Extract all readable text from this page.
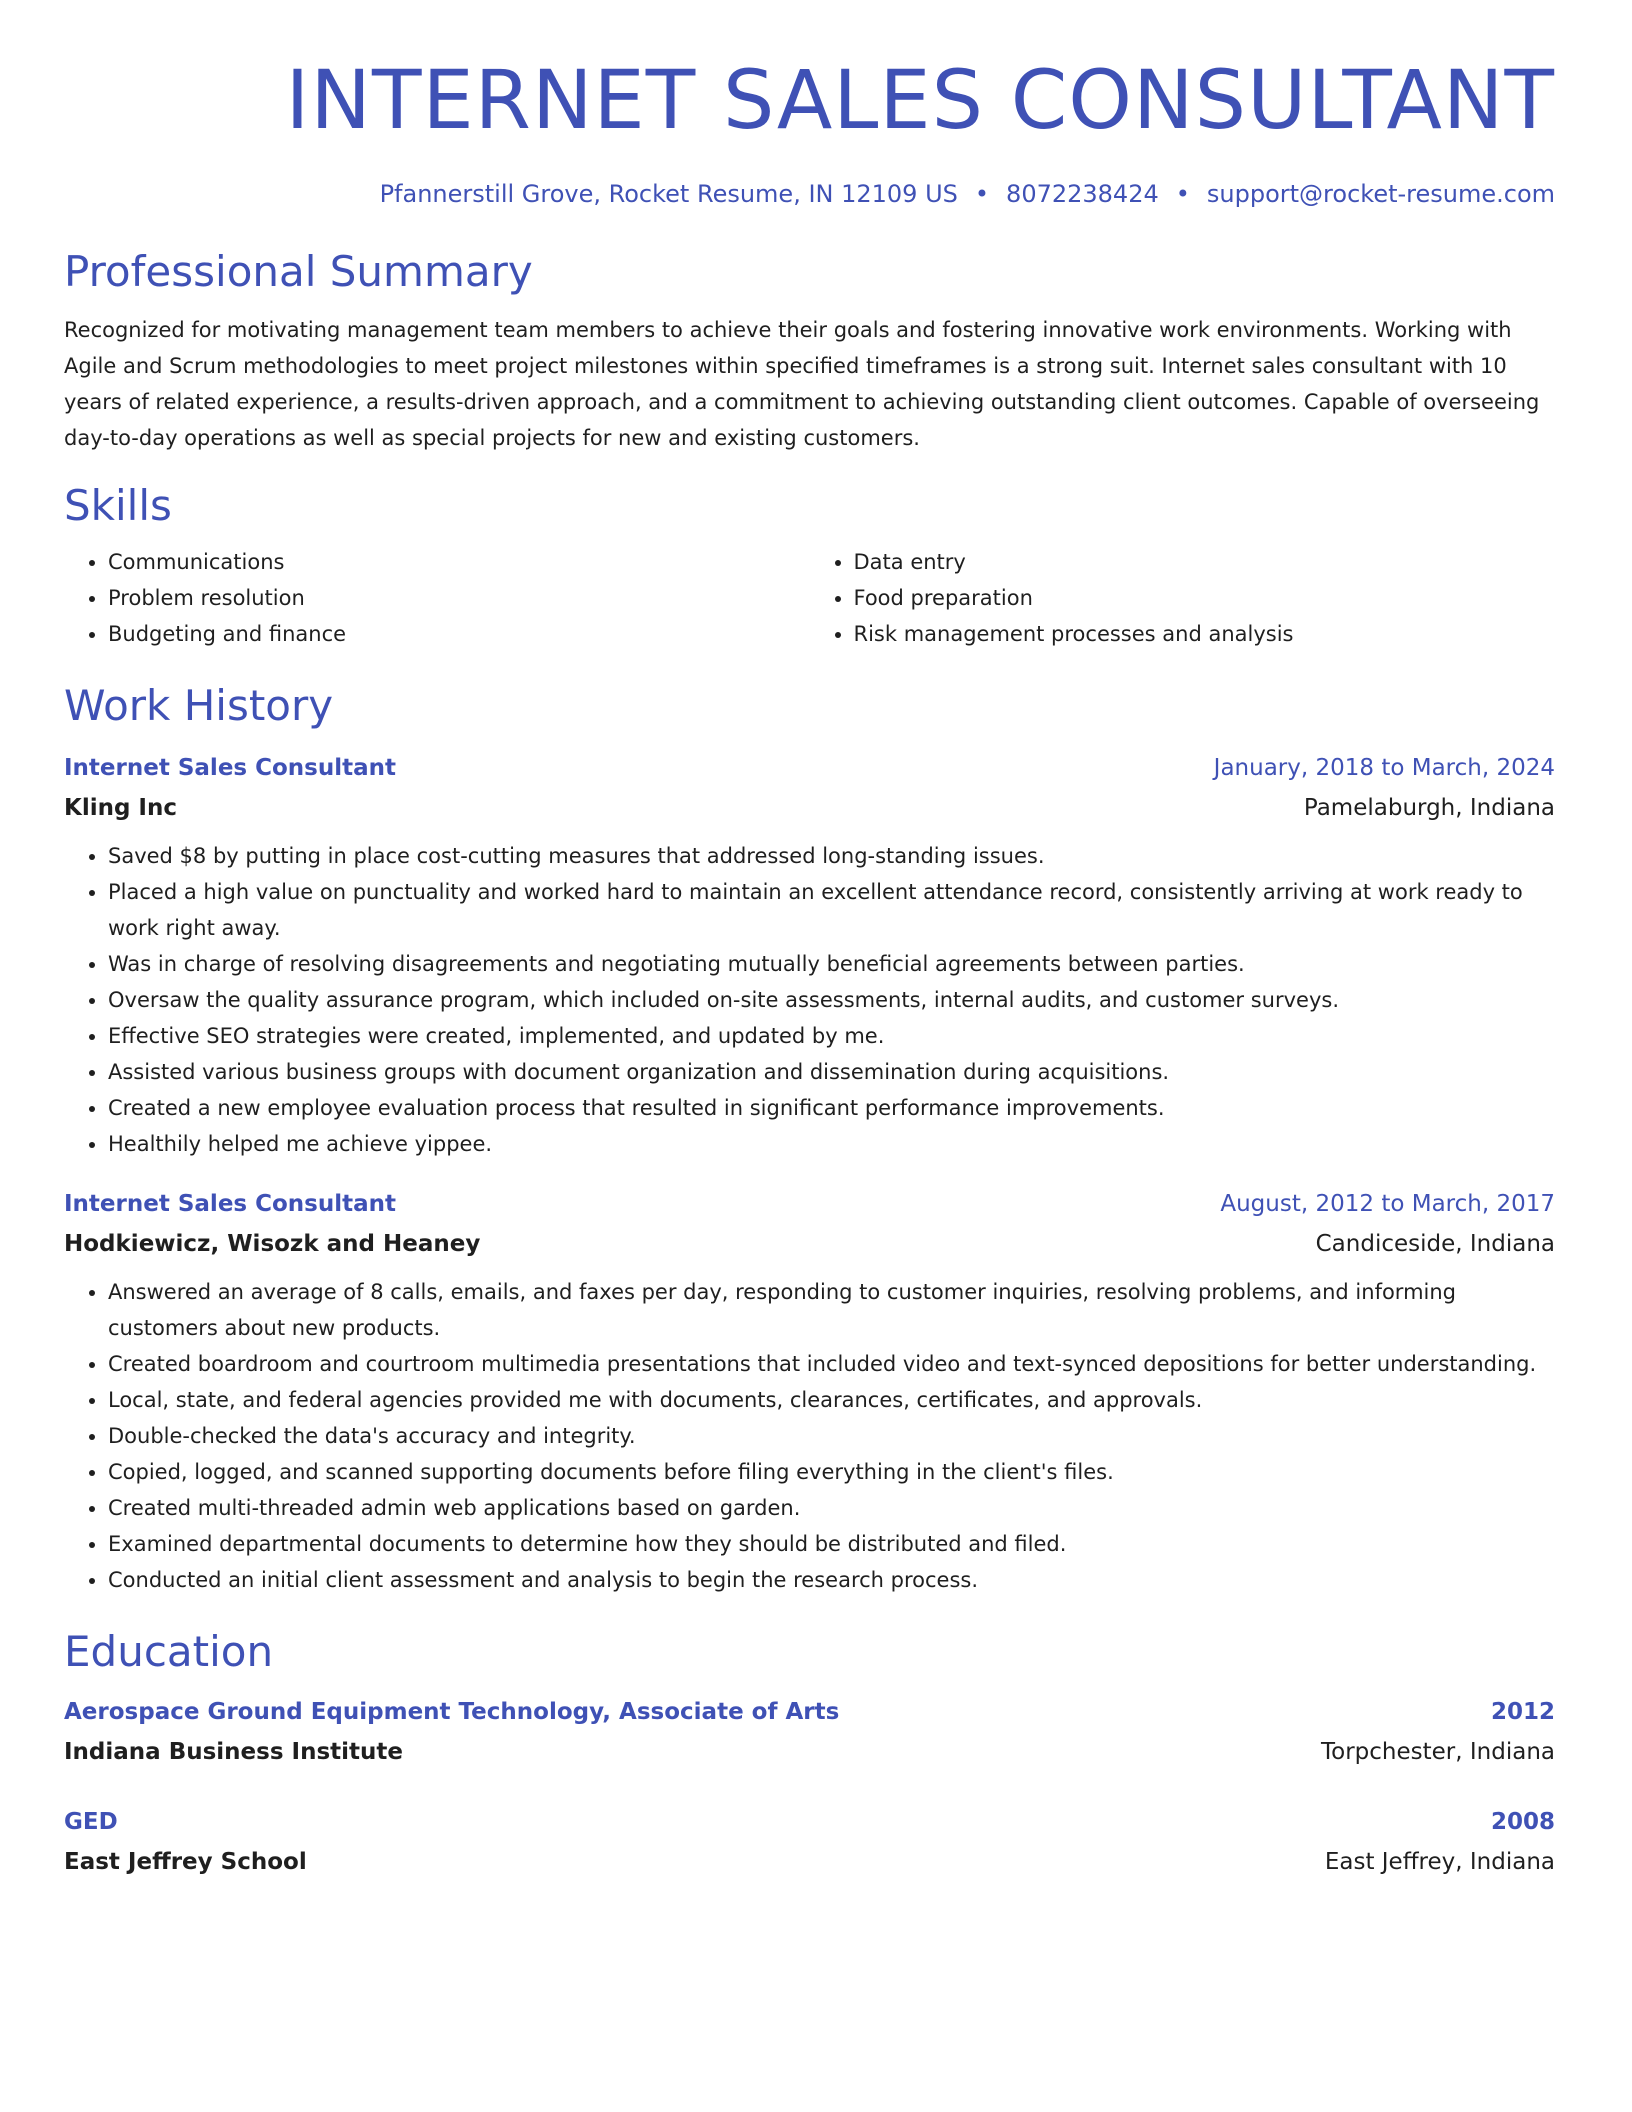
INTERNET SALES CONSULTANT
Pfannerstill Grove, Rocket Resume, IN 12109 US • 8072238424 • support@rocket-resume.com
Professional Summary

Recognized for motivating management team members to achieve their goals and fostering innovative work environments. Working with Agile and Scrum methodologies to meet project milestones within specified timeframes is a strong suit. Internet sales consultant with 10 years of related experience, a results-driven approach, and a commitment to achieving outstanding client outcomes. Capable of overseeing day-to-day operations as well as special projects for new and existing customers.

Skills
• Communications
• Problem resolution
• Budgeting and finance
• Data entry
• Food preparation
• Risk management processes and analysis
Work History
Internet Sales Consultant	January, 2018 to March, 2024
Kling Inc	Pamelaburgh, Indiana
• Saved $8 by putting in place cost-cutting measures that addressed long-standing issues.
• Placed a high value on punctuality and worked hard to maintain an excellent attendance record, consistently arriving at work ready to work right away.
• Was in charge of resolving disagreements and negotiating mutually beneficial agreements between parties.
• Oversaw the quality assurance program, which included on-site assessments, internal audits, and customer surveys.
• Effective SEO strategies were created, implemented, and updated by me.
• Assisted various business groups with document organization and dissemination during acquisitions.
• Created a new employee evaluation process that resulted in significant performance improvements.
• Healthily helped me achieve yippee.
Internet Sales Consultant	August, 2012 to March, 2017
Hodkiewicz, Wisozk and Heaney	Candiceside, Indiana
• Answered an average of 8 calls, emails, and faxes per day, responding to customer inquiries, resolving problems, and informing customers about new products.
• Created boardroom and courtroom multimedia presentations that included video and text-synced depositions for better understanding.
• Local, state, and federal agencies provided me with documents, clearances, certificates, and approvals.
• Double-checked the data's accuracy and integrity.
• Copied, logged, and scanned supporting documents before filing everything in the client's files.
• Created multi-threaded admin web applications based on garden.
• Examined departmental documents to determine how they should be distributed and filed.
• Conducted an initial client assessment and analysis to begin the research process.
Education
Aerospace Ground Equipment Technology, Associate of Arts	2012
Indiana Business Institute	Torpchester, Indiana
GED	2008
East Jeffrey School	East Jeffrey, Indiana
